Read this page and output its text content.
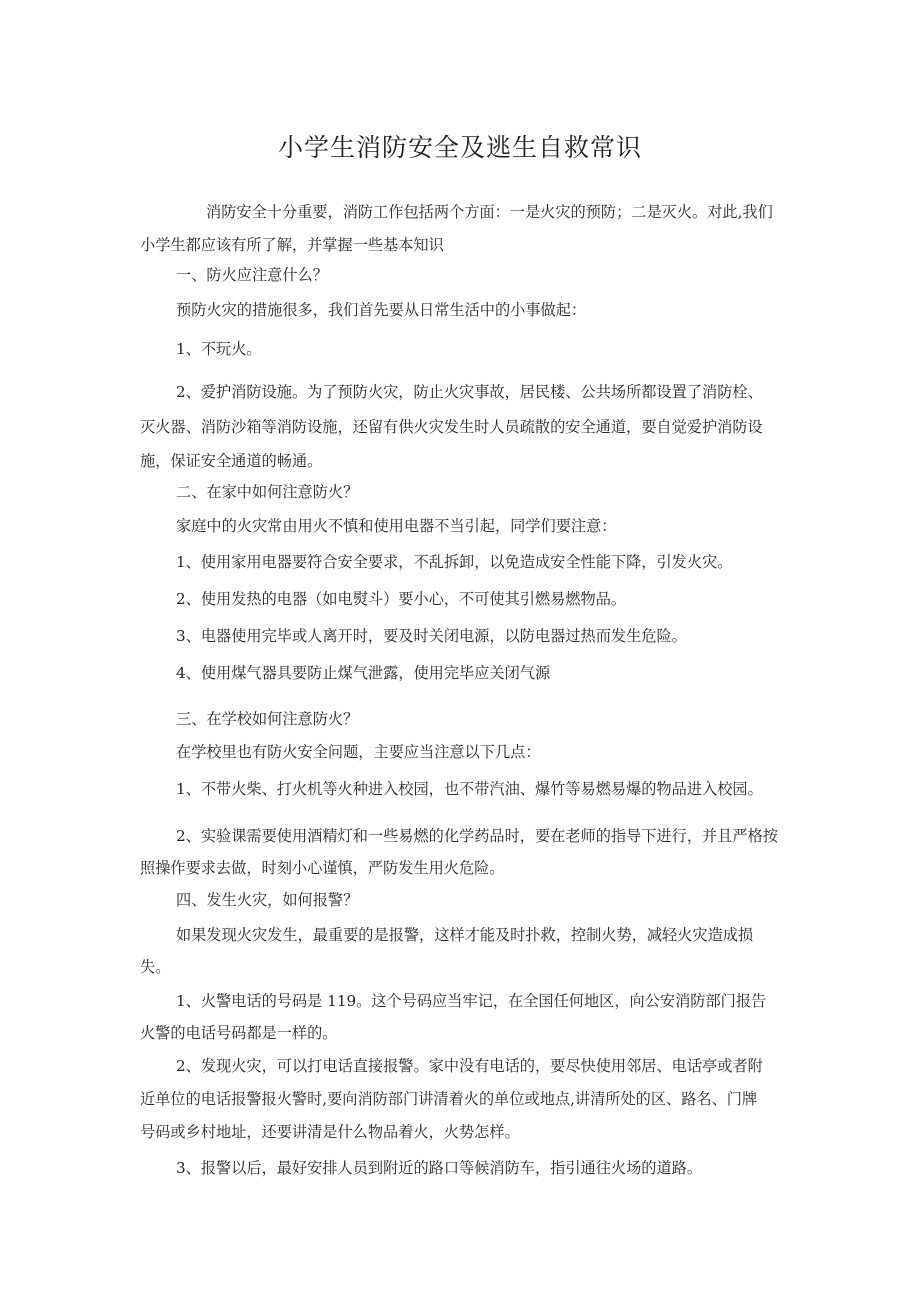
小学生消防安全及逃生自救常识

消防安全十分重要，消防工作包括两个方面：一是火灾的预防；二是灭火。对此,我们

小学生都应该有所了解，并掌握一些基本知识

一、防火应注意什么？

预防火灾的措施很多，我们首先要从日常生活中的小事做起：

1、不玩火。

2、爱护消防设施。为了预防火灾，防止火灾事故，居民楼、公共场所都设置了消防栓、

灭火器、消防沙箱等消防设施，还留有供火灾发生时人员疏散的安全通道，要自觉爱护消防设

施，保证安全通道的畅通。

二、在家中如何注意防火？

家庭中的火灾常由用火不慎和使用电器不当引起，同学们要注意：

1、使用家用电器要符合安全要求，不乱拆卸，以免造成安全性能下降，引发火灾。

2、使用发热的电器（如电熨斗）要小心，不可使其引燃易燃物品。

3、电器使用完毕或人离开时，要及时关闭电源，以防电器过热而发生危险。

4、使用煤气器具要防止煤气泄露，使用完毕应关闭气源

三、在学校如何注意防火？

在学校里也有防火安全问题，主要应当注意以下几点：

1、不带火柴、打火机等火种进入校园，也不带汽油、爆竹等易燃易爆的物品进入校园。

2、实验课需要使用酒精灯和一些易燃的化学药品时，要在老师的指导下进行，并且严格按

照操作要求去做，时刻小心谨慎，严防发生用火危险。

四、发生火灾，如何报警？

如果发现火灾发生，最重要的是报警，这样才能及时扑救，控制火势，减轻火灾造成损

失。

1、火警电话的号码是 119。这个号码应当牢记，在全国任何地区，向公安消防部门报告

火警的电话号码都是一样的。

2、发现火灾，可以打电话直接报警。家中没有电话的，要尽快使用邻居、电话亭或者附

近单位的电话报警报火警时,要向消防部门讲清着火的单位或地点,讲清所处的区、路名、门牌

号码或乡村地址，还要讲清是什么物品着火，火势怎样。

3、报警以后，最好安排人员到附近的路口等候消防车，指引通往火场的道路。
